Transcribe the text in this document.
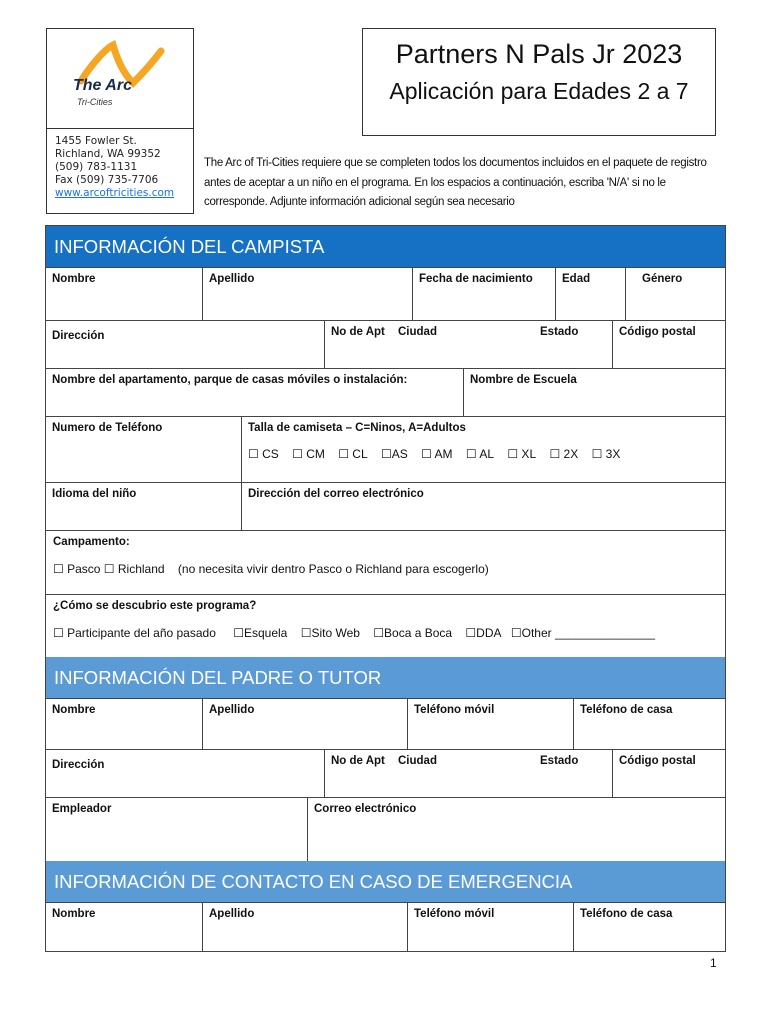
The Arc
Tri-Cities
1455 Fowler St.
Richland, WA 99352
(509) 783-1131
Fax (509) 735-7706
www.arcoftricities.com
Partners N Pals Jr 2023
Aplicación para Edades 2 a 7
The Arc of Tri-Cities requiere que se completen todos los documentos incluidos en el paquete de registro antes de aceptar a un niño en el programa. En los espacios a continuación, escriba 'N/A' si no le corresponde. Adjunte información adicional según sea necesario
INFORMACIÓN DEL CAMPISTA
Nombre	Apellido	Fecha de nacimiento	Edad	Género
Dirección	No de Apt	Ciudad	Estado	Código postal
Nombre del apartamento, parque de casas móviles o instalación:	Nombre de Escuela
Numero de Teléfono	Talla de camiseta – C=Ninos, A=Adultos
☐ CS ☐ CM ☐ CL ☐AS ☐ AM ☐ AL ☐ XL ☐ 2X ☐ 3X
Idioma del niño	Dirección del correo electrónico
Campamento:
☐ Pasco ☐ Richland (no necesita vivir dentro Pasco o Richland para escogerlo)
¿Cómo se descubrio este programa?
☐ Participante del año pasado ☐Esquela ☐Sito Web ☐Boca a Boca ☐DDA ☐Other _______________
INFORMACIÓN DEL PADRE O TUTOR
Nombre	Apellido	Teléfono móvil	Teléfono de casa
Dirección	No de Apt	Ciudad	Estado	Código postal
Empleador	Correo electrónico
INFORMACIÓN DE CONTACTO EN CASO DE EMERGENCIA
Nombre	Apellido	Teléfono móvil	Teléfono de casa
1
